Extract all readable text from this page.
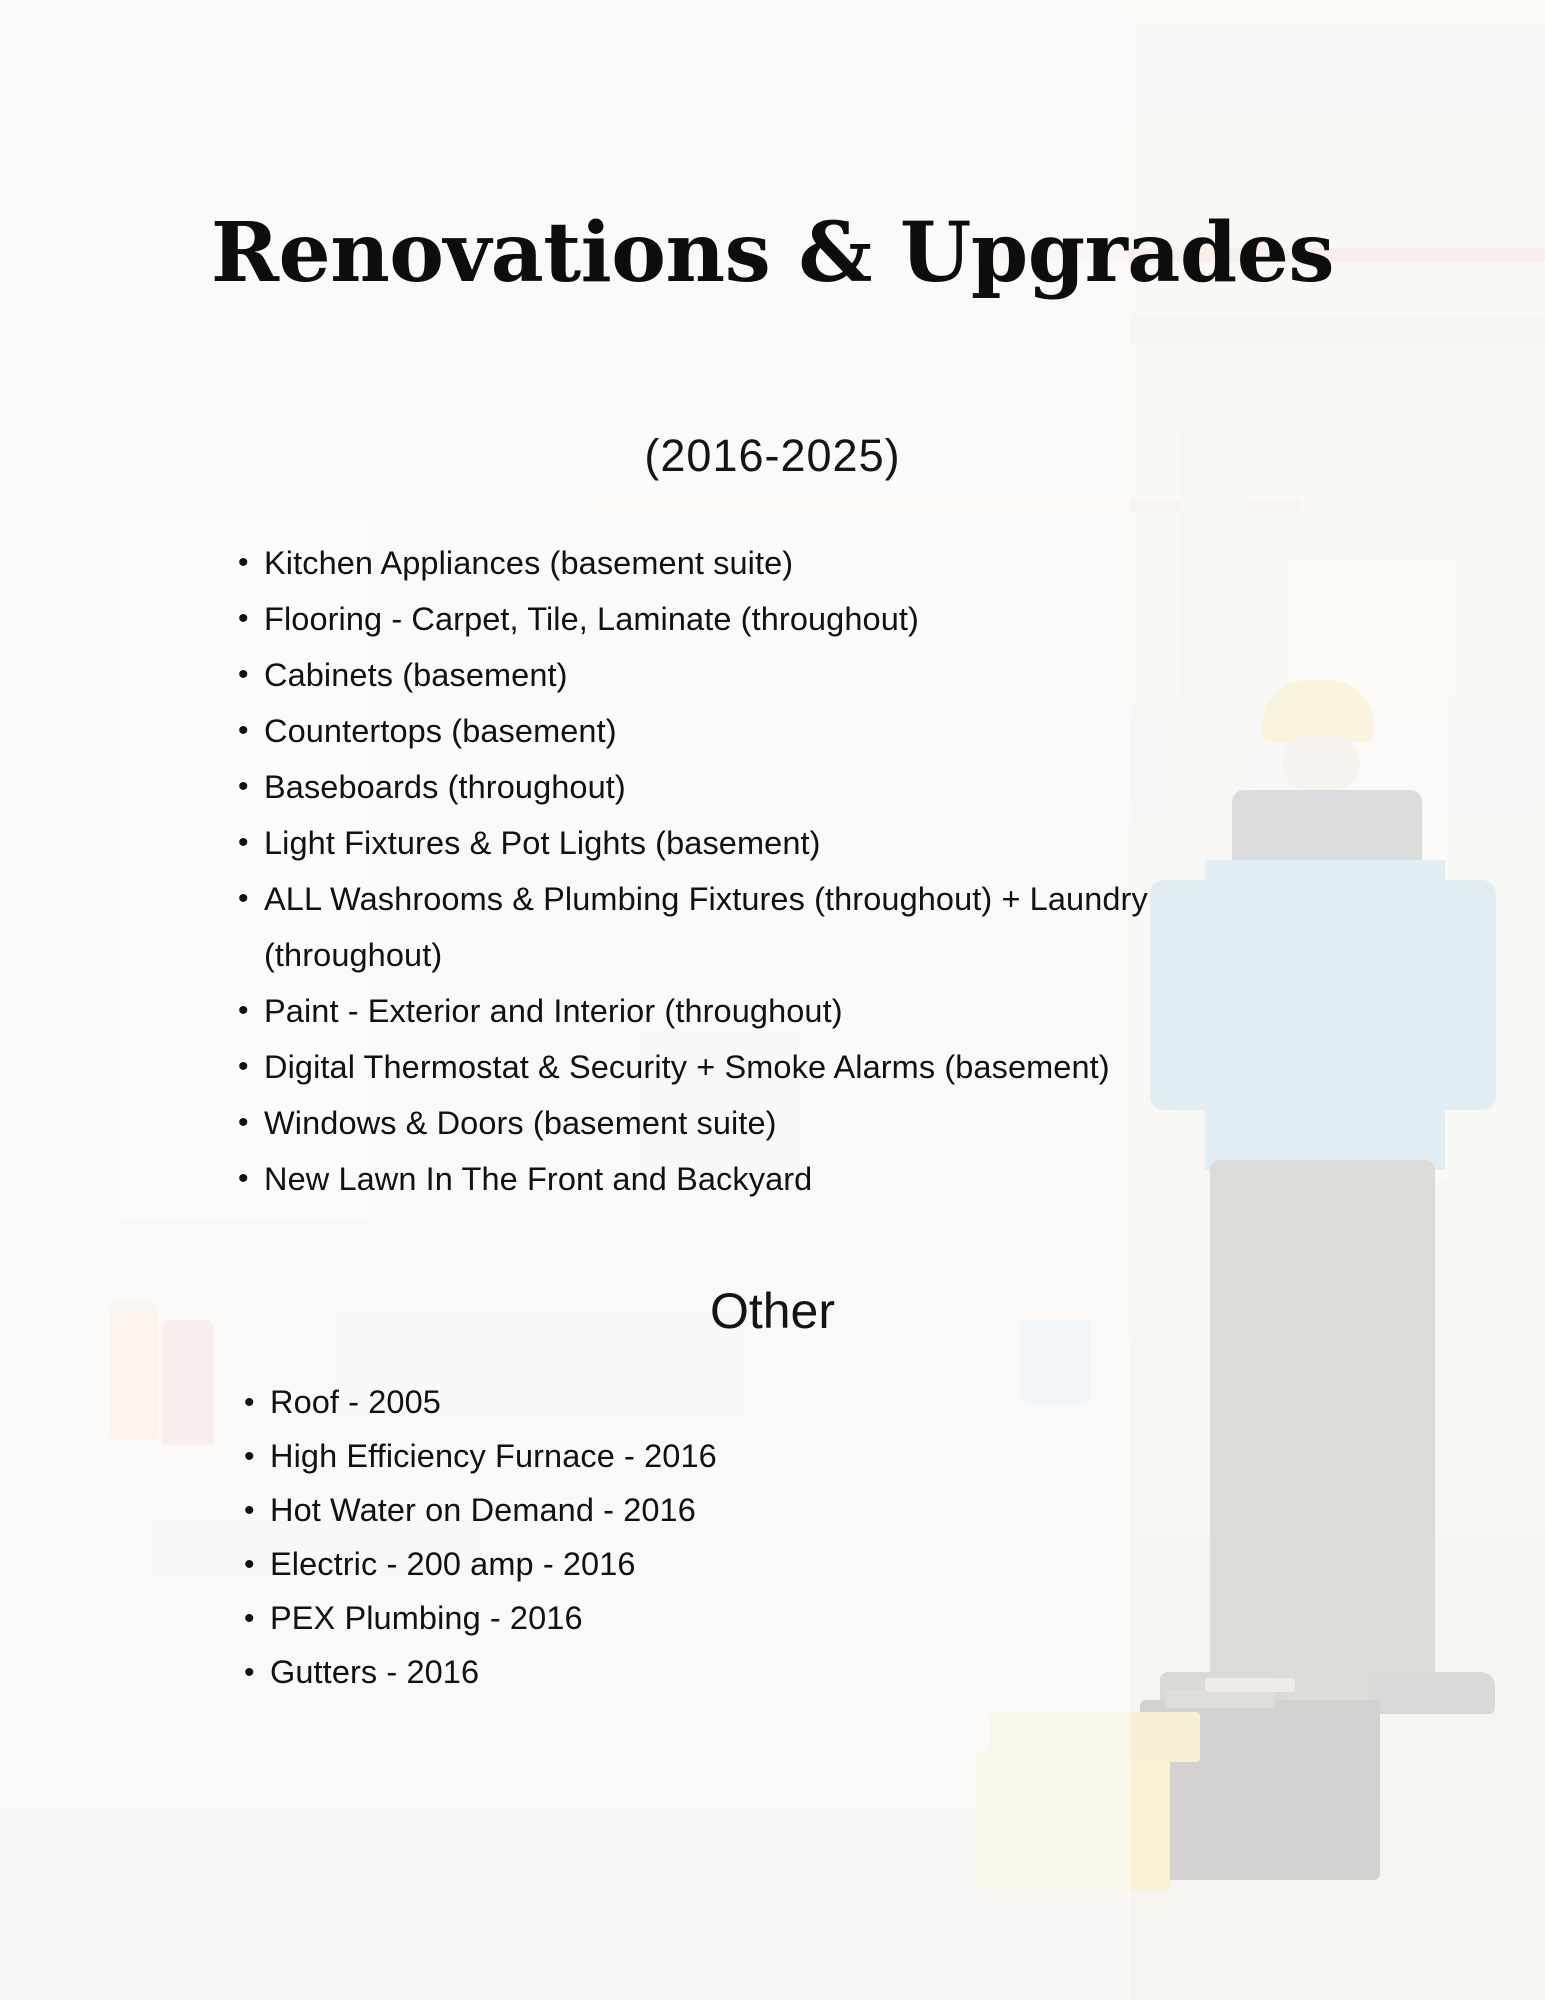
Renovations & Upgrades
(2016-2025)
• Kitchen Appliances (basement suite)
• Flooring - Carpet, Tile, Laminate (throughout)
• Cabinets (basement)
• Countertops (basement)
• Baseboards (throughout)
• Light Fixtures & Pot Lights (basement)
• ALL Washrooms & Plumbing Fixtures (throughout) + Laundry (throughout)
• Paint - Exterior and Interior (throughout)
• Digital Thermostat & Security + Smoke Alarms (basement)
• Windows & Doors (basement suite)
• New Lawn In The Front and Backyard
Other
• Roof - 2005
• High Efficiency Furnace - 2016
• Hot Water on Demand - 2016
• Electric - 200 amp - 2016
• PEX Plumbing - 2016
• Gutters - 2016
